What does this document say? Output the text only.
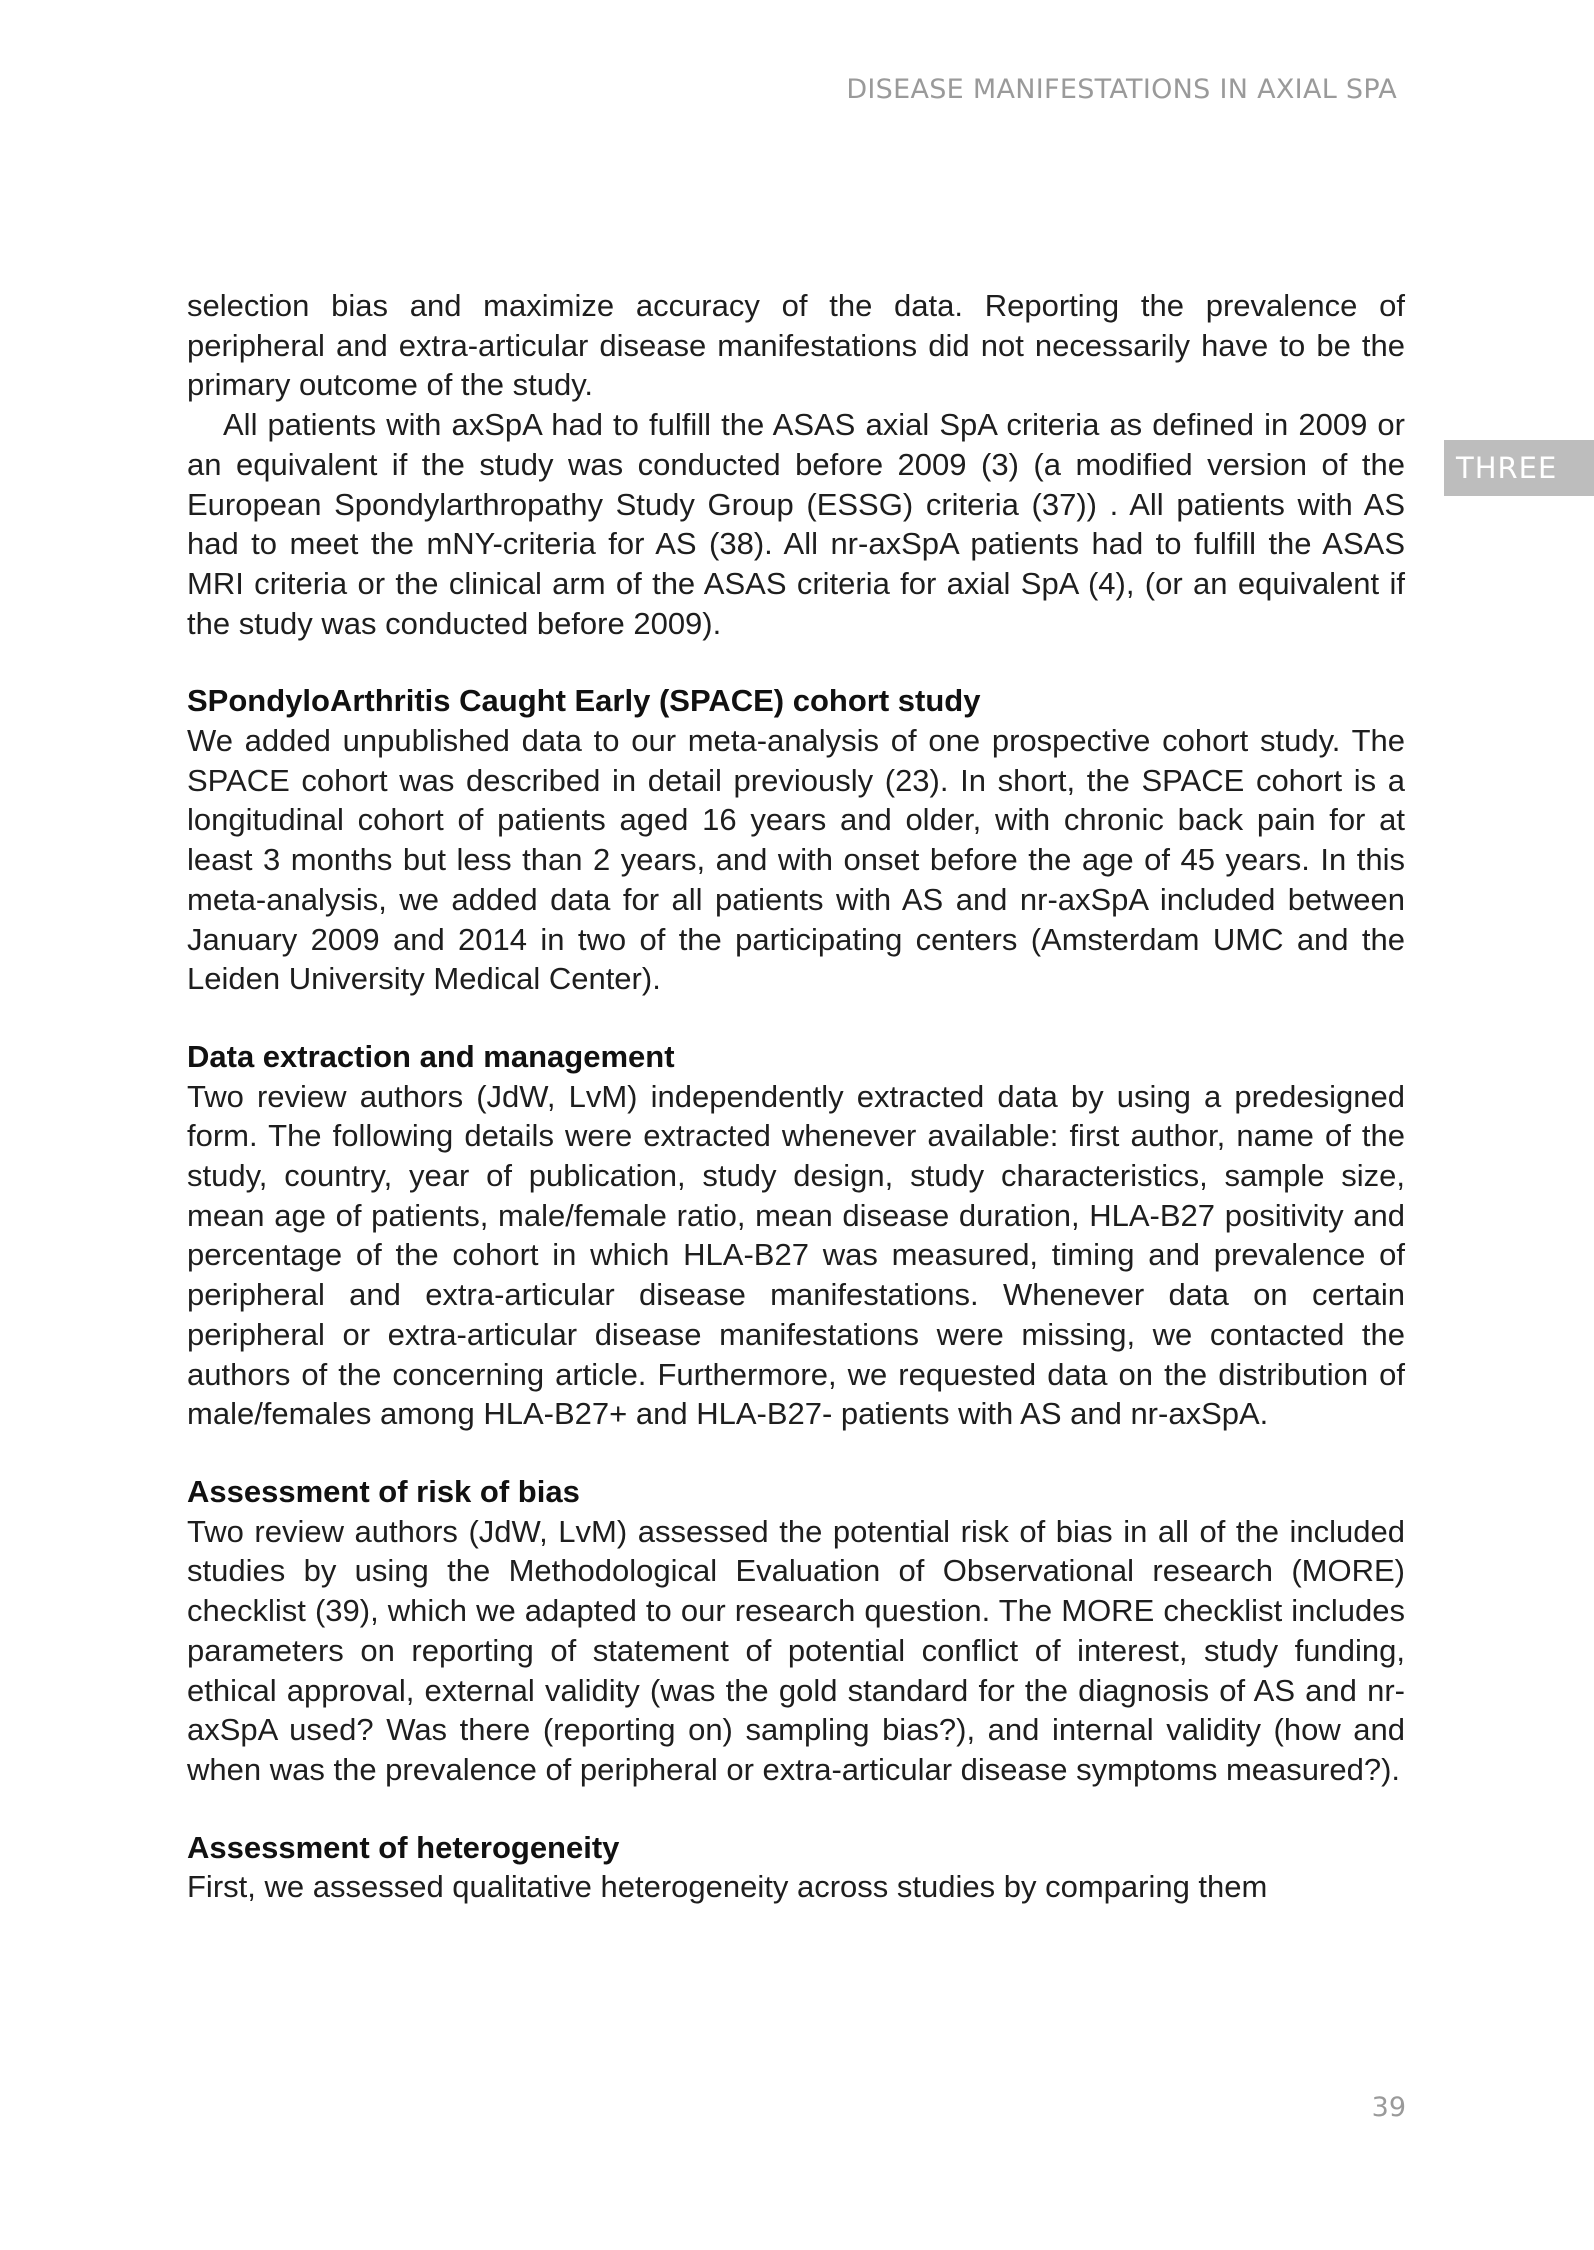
DISEASE MANIFESTATIONS IN AXIAL SPA
THREE

selection bias and maximize accuracy of the data. Reporting the prevalence of peripheral and extra-articular disease manifestations did not necessarily have to be the primary outcome of the study.

All patients with axSpA had to fulfill the ASAS axial SpA criteria as defined in 2009 or an equivalent if the study was conducted before 2009 (3) (a modified version of the European Spondylarthropathy Study Group (ESSG) criteria (37)) . All patients with AS had to meet the mNY-criteria for AS (38). All nr-axSpA patients had to fulfill the ASAS MRI criteria or the clinical arm of the ASAS criteria for axial SpA (4), (or an equivalent if the study was conducted before 2009).

SPondyloArthritis Caught Early (SPACE) cohort study

We added unpublished data to our meta-analysis of one prospective cohort study. The SPACE cohort was described in detail previously (23). In short, the SPACE cohort is a longitudinal cohort of patients aged 16 years and older, with chronic back pain for at least 3 months but less than 2 years, and with onset before the age of 45 years. In this meta-analysis, we added data for all patients with AS and nr-axSpA included between January 2009 and 2014 in two of the participating centers (Amsterdam UMC and the Leiden University Medical Center).

Data extraction and management

Two review authors (JdW, LvM) independently extracted data by using a predesigned form. The following details were extracted whenever available: first author, name of the study, country, year of publication, study design, study characteristics, sample size, mean age of patients, male/female ratio, mean disease duration, HLA-B27 positivity and percentage of the cohort in which HLA-B27 was measured, timing and prevalence of peripheral and extra-articular disease manifestations. Whenever data on certain peripheral or extra-articular disease manifestations were missing, we contacted the authors of the concerning article. Furthermore, we requested data on the distribution of male/females among HLA-B27+ and HLA-B27- patients with AS and nr-axSpA.

Assessment of risk of bias

Two review authors (JdW, LvM) assessed the potential risk of bias in all of the included studies by using the Methodological Evaluation of Observational research (MORE) checklist (39), which we adapted to our research question. The MORE checklist includes parameters on reporting of statement of potential conflict of interest, study funding, ethical approval, external validity (was the gold standard for the diagnosis of AS and nr-axSpA used? Was there (reporting on) sampling bias?), and internal validity (how and when was the prevalence of peripheral or extra-articular disease symptoms measured?).

Assessment of heterogeneity

First, we assessed qualitative heterogeneity across studies by comparing them

39
